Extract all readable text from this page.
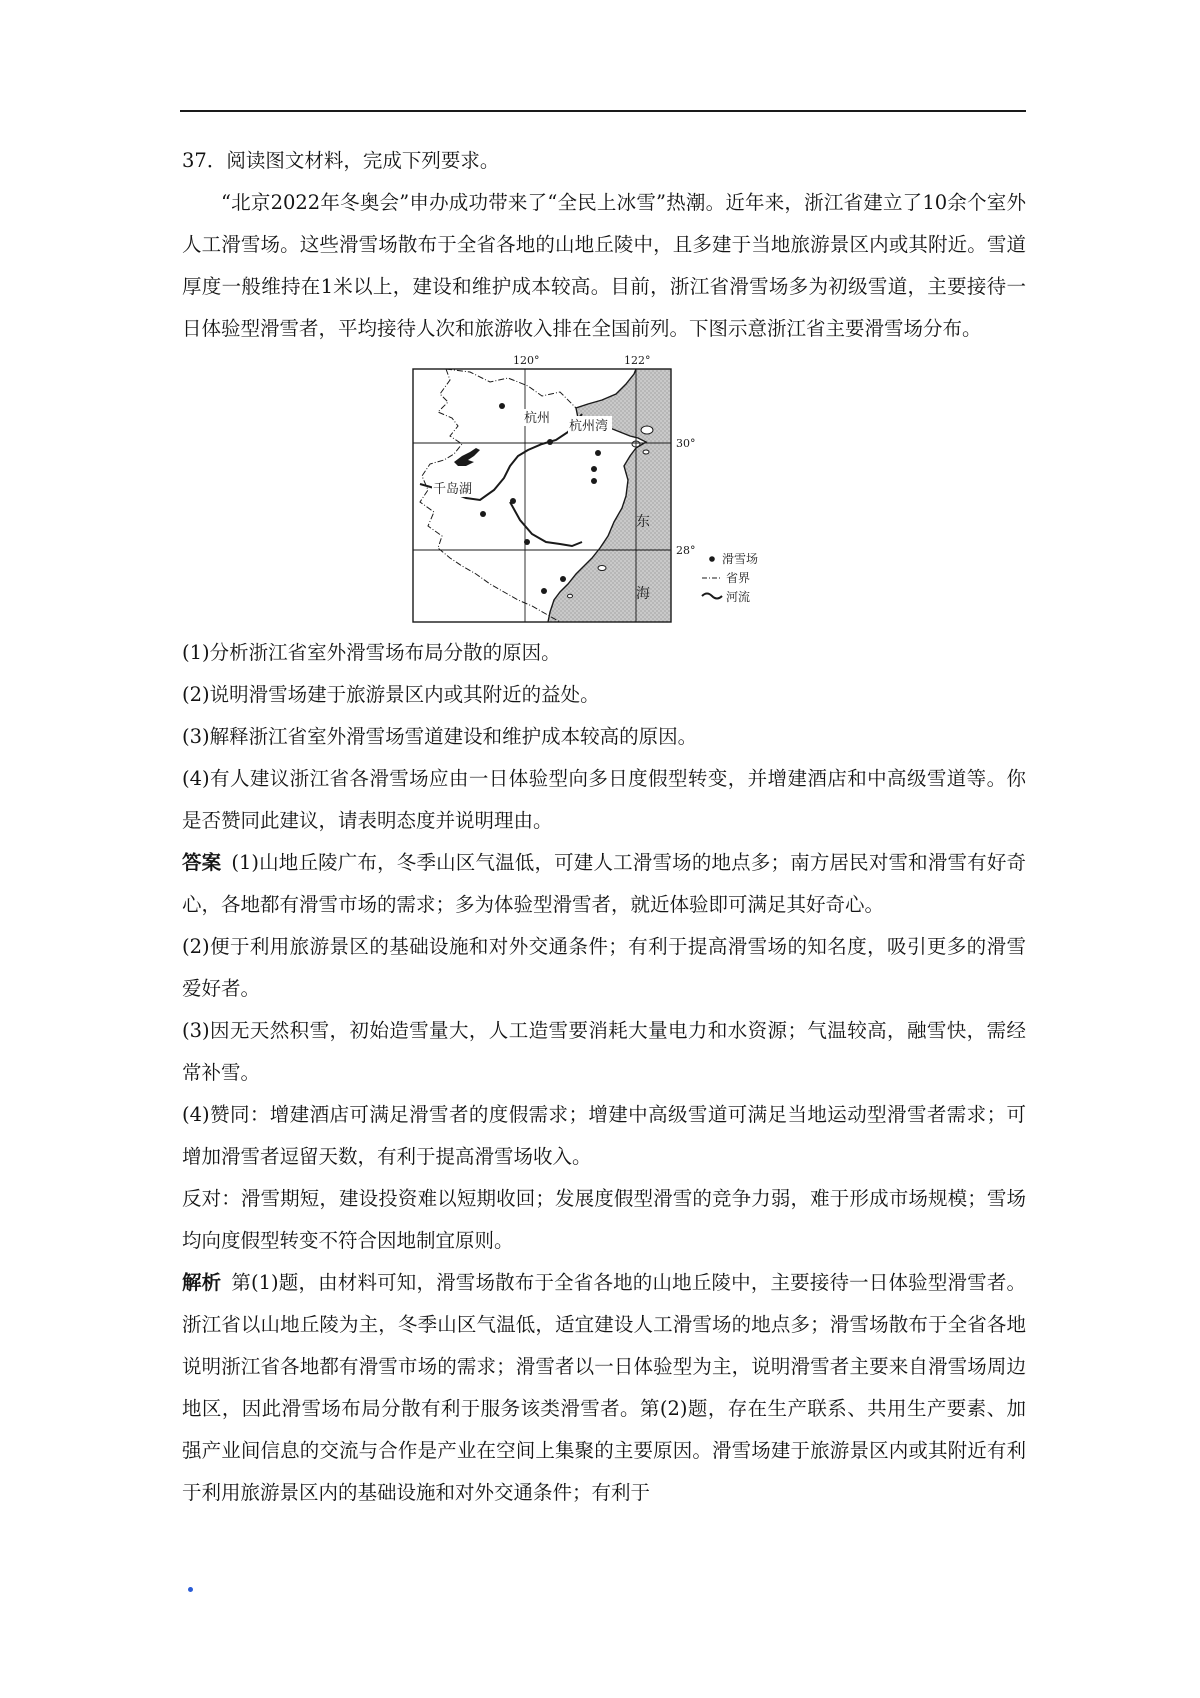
37．阅读图文材料，完成下列要求。

“北京2022年冬奥会”申办成功带来了“全民上冰雪”热潮。近年来，浙江省建立了10余个室外人工滑雪场。这些滑雪场散布于全省各地的山地丘陵中，且多建于当地旅游景区内或其附近。雪道厚度一般维持在1米以上，建设和维护成本较高。目前，浙江省滑雪场多为初级雪道，主要接待一日体验型滑雪者，平均接待人次和旅游收入排在全国前列。下图示意浙江省主要滑雪场分布。

120°	122°
30°
28°
杭州
杭州湾
千岛湖
东
海
滑雪场
省界
河流

(1)分析浙江省室外滑雪场布局分散的原因。

(2)说明滑雪场建于旅游景区内或其附近的益处。

(3)解释浙江省室外滑雪场雪道建设和维护成本较高的原因。

(4)有人建议浙江省各滑雪场应由一日体验型向多日度假型转变，并增建酒店和中高级雪道等。你是否赞同此建议，请表明态度并说明理由。

答案 (1)山地丘陵广布，冬季山区气温低，可建人工滑雪场的地点多；南方居民对雪和滑雪有好奇心，各地都有滑雪市场的需求；多为体验型滑雪者，就近体验即可满足其好奇心。

(2)便于利用旅游景区的基础设施和对外交通条件；有利于提高滑雪场的知名度，吸引更多的滑雪爱好者。

(3)因无天然积雪，初始造雪量大，人工造雪要消耗大量电力和水资源；气温较高，融雪快，需经常补雪。

(4)赞同：增建酒店可满足滑雪者的度假需求；增建中高级雪道可满足当地运动型滑雪者需求；可增加滑雪者逗留天数，有利于提高滑雪场收入。

反对：滑雪期短，建设投资难以短期收回；发展度假型滑雪的竞争力弱，难于形成市场规模；雪场均向度假型转变不符合因地制宜原则。

解析 第(1)题，由材料可知，滑雪场散布于全省各地的山地丘陵中，主要接待一日体验型滑雪者。浙江省以山地丘陵为主，冬季山区气温低，适宜建设人工滑雪场的地点多；滑雪场散布于全省各地说明浙江省各地都有滑雪市场的需求；滑雪者以一日体验型为主，说明滑雪者主要来自滑雪场周边地区，因此滑雪场布局分散有利于服务该类滑雪者。第(2)题，存在生产联系、共用生产要素、加强产业间信息的交流与合作是产业在空间上集聚的主要原因。滑雪场建于旅游景区内或其附近有利于利用旅游景区内的基础设施和对外交通条件；有利于
